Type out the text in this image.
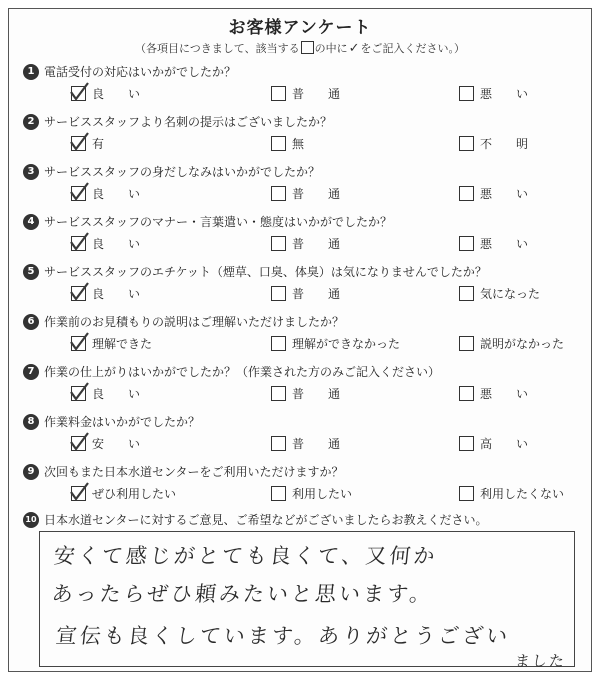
お客様アンケート
（各項目につきまして、該当する の中に✓をご記入ください。）
1 電話受付の対応はいかがでしたか？
良　　い	普　　通	悪　　い
2 サービススタッフより名刺の提示はございましたか？
有	無	不　　明
3 サービススタッフの身だしなみはいかがでしたか？
良　　い	普　　通	悪　　い
4 サービススタッフのマナー・言葉遣い・態度はいかがでしたか？
良　　い	普　　通	悪　　い
5 サービススタッフのエチケット（煙草、口臭、体臭）は気になりませんでしたか？
良　　い	普　　通	気になった
6 作業前のお見積もりの説明はご理解いただけましたか？
理解できた	理解ができなかった	説明がなかった
7 作業の仕上がりはいかがでしたか？（作業された方のみご記入ください）
良　　い	普　　通	悪　　い
8 作業料金はいかがでしたか？
安　　い	普　　通	高　　い
9 次回もまた日本水道センターをご利用いただけますか？
ぜひ利用したい	利用したい	利用したくない
10 日本水道センターに対するご意見、ご希望などがございましたらお教えください。
安くて感じがとても良くて、又何か
あったらぜひ頼みたいと思います。
宣伝も良くしています。ありがとうござい
ました
